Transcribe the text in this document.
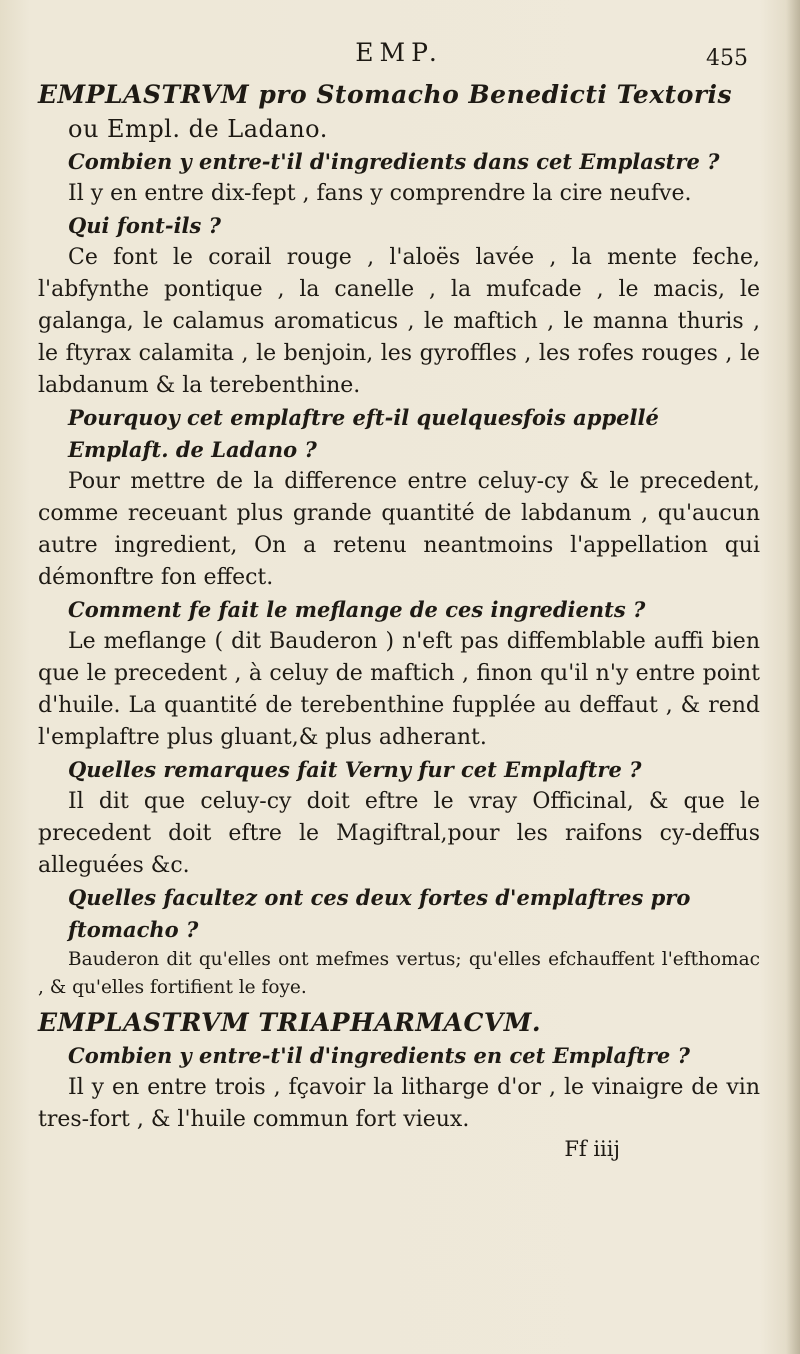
EMP.	455

EMPLASTRVM pro Stomacho Benedicti Textoris

ou Empl. de Ladano.

Combien y entre-t'il d'ingredients dans cet Emplastre ?

Il y en entre dix-fept , fans y comprendre la cire neufve.

Qui font-ils ?

Ce font le corail rouge , l'aloës lavée , la mente feche, l'abfynthe pontique , la canelle , la mufcade , le macis, le galanga, le calamus aromaticus , le maftich , le manna thuris , le ftyrax calamita , le benjoin, les gyroffles , les rofes rouges , le labdanum & la terebenthine.

Pourquoy cet emplaftre eft-il quelquesfois appellé Emplaft. de Ladano ?

Pour mettre de la difference entre celuy-cy & le precedent, comme receuant plus grande quantité de labdanum , qu'aucun autre ingredient, On a retenu neantmoins l'appellation qui démonftre fon effect.

Comment fe fait le meflange de ces ingredients ?

Le meflange ( dit Bauderon ) n'eft pas diffemblable auffi bien que le precedent , à celuy de maftich , finon qu'il n'y entre point d'huile. La quantité de terebenthine fupplée au deffaut , & rend l'emplaftre plus gluant,& plus adherant.

Quelles remarques fait Verny fur cet Emplaftre ?

Il dit que celuy-cy doit eftre le vray Officinal, & que le precedent doit eftre le Magiftral,pour les raifons cy-deffus alleguées &c.

Quelles facultez ont ces deux fortes d'emplaftres pro ftomacho ?

Bauderon dit qu'elles ont mefmes vertus; qu'elles efchauffent l'efthomac , & qu'elles fortifient le foye.

EMPLASTRVM TRIAPHARMACVM.

Combien y entre-t'il d'ingredients en cet Emplaftre ?

Il y en entre trois , fçavoir la litharge d'or , le vinaigre de vin tres-fort , & l'huile commun fort vieux.

Ff iiij
